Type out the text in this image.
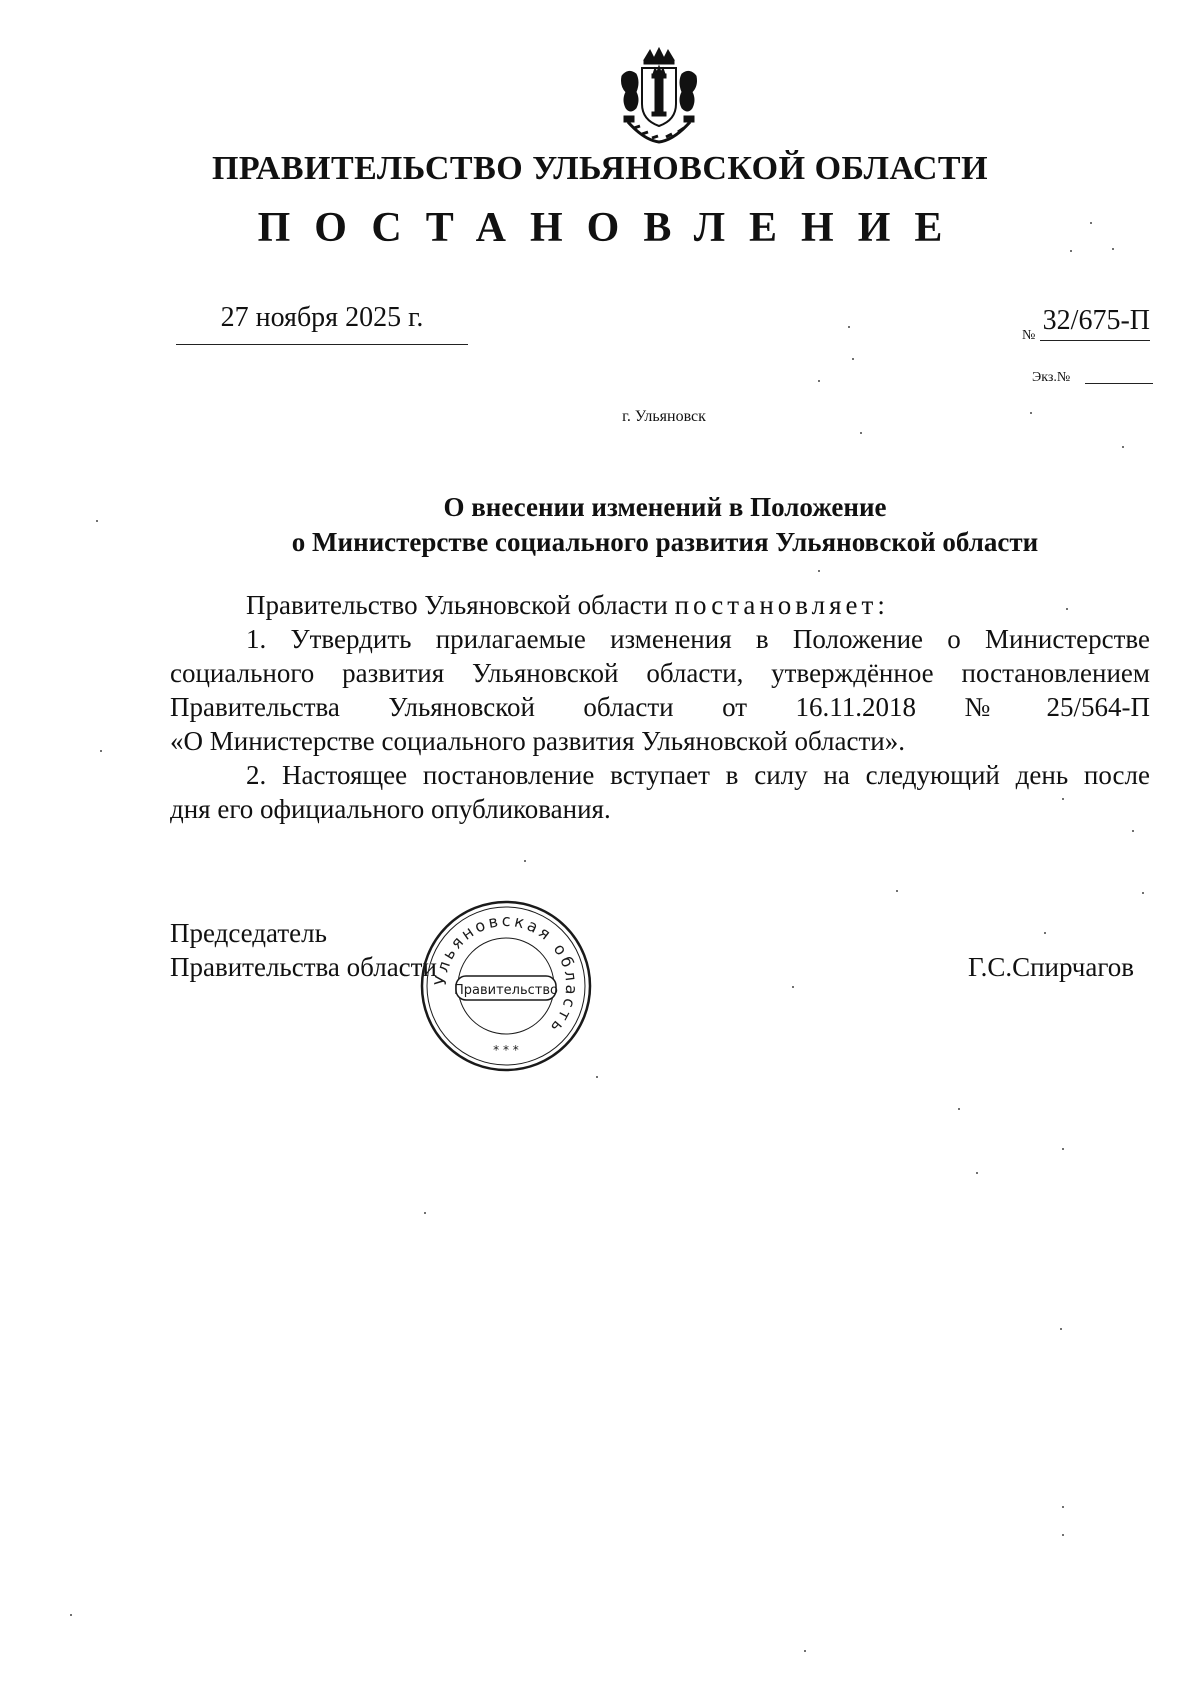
ПРАВИТЕЛЬСТВО УЛЬЯНОВСКОЙ ОБЛАСТИ
ПОСТАНОВЛЕНИЕ
27 ноября 2025 г.
№ 32/675-П
Экз.№
г. Ульяновск
О внесении изменений в Положение
о Министерстве социального развития Ульяновской области

Правительство Ульяновской области постановляет:

1. Утвердить прилагаемые изменения в Положение о Министерстве

социального развития Ульяновской области, утверждённое постановлением

Правительства Ульяновской области от 16.11.2018 № 25/564-П

«О Министерстве социального развития Ульяновской области».

2. Настоящее постановление вступает в силу на следующий день после

дня его официального опубликования.

Председатель
Правительства области	Г.С.Спирчагов
Ульяновская область
Правительство
* * *
